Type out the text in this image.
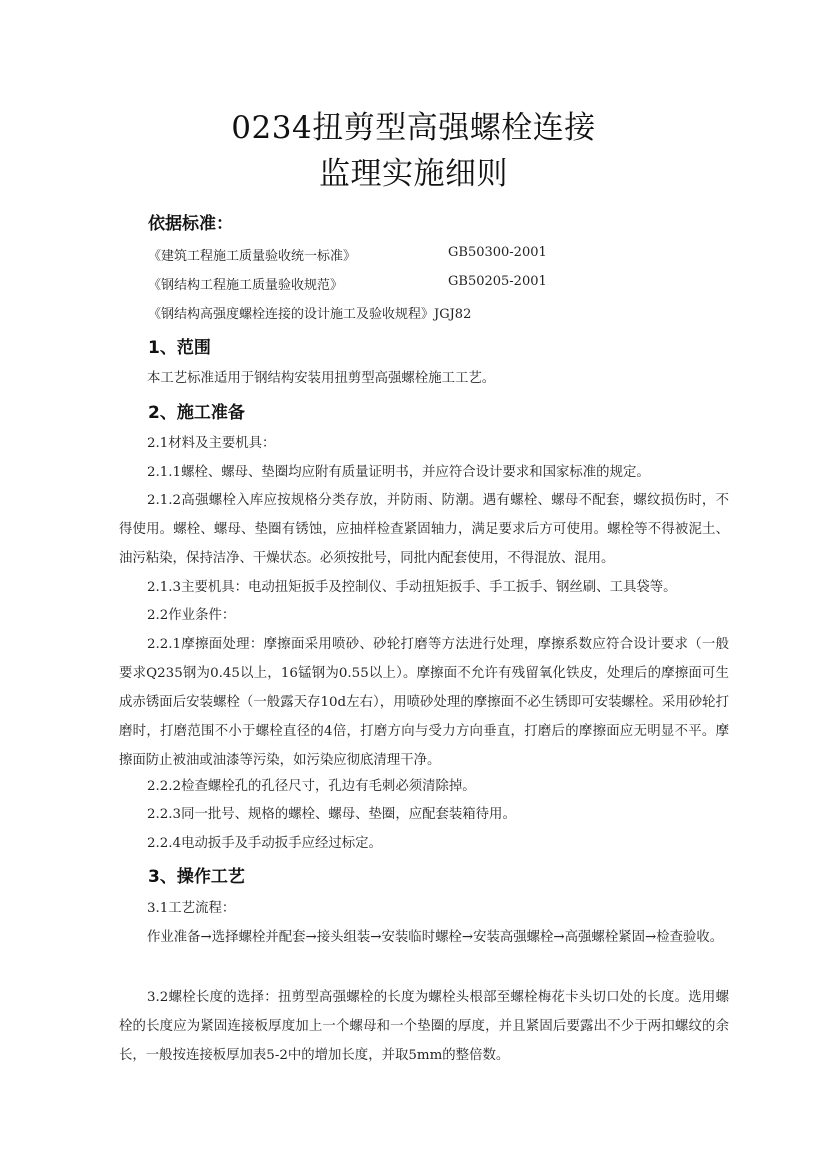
0234扭剪型高强螺栓连接
监理实施细则
依据标准：
《建筑工程施工质量验收统一标准》	GB50300-2001
《钢结构工程施工质量验收规范》	GB50205-2001
《钢结构高强度螺栓连接的设计施工及验收规程》JGJ82
1、范围
本工艺标准适用于钢结构安装用扭剪型高强螺栓施工工艺。
2、施工准备
2.1材料及主要机具：
2.1.1螺栓、螺母、垫圈均应附有质量证明书，并应符合设计要求和国家标准的规定。
2.1.2高强螺栓入库应按规格分类存放，并防雨、防潮。遇有螺栓、螺母不配套，螺纹损伤时，不得使用。螺栓、螺母、垫圈有锈蚀，应抽样检查紧固轴力，满足要求后方可使用。螺栓等不得被泥土、油污粘染，保持洁净、干燥状态。必须按批号，同批内配套使用，不得混放、混用。
2.1.3主要机具：电动扭矩扳手及控制仪、手动扭矩扳手、手工扳手、钢丝刷、工具袋等。
2.2作业条件：
2.2.1摩擦面处理：摩擦面采用喷砂、砂轮打磨等方法进行处理，摩擦系数应符合设计要求（一般要求Q235钢为0.45以上，16锰钢为0.55以上）。摩擦面不允许有残留氧化铁皮，处理后的摩擦面可生成赤锈面后安装螺栓（一般露天存10d左右），用喷砂处理的摩擦面不必生锈即可安装螺栓。采用砂轮打磨时，打磨范围不小于螺栓直径的4倍，打磨方向与受力方向垂直，打磨后的摩擦面应无明显不平。摩擦面防止被油或油漆等污染，如污染应彻底清理干净。
2.2.2检查螺栓孔的孔径尺寸，孔边有毛刺必须清除掉。
2.2.3同一批号、规格的螺栓、螺母、垫圈，应配套装箱待用。
2.2.4电动扳手及手动扳手应经过标定。
3、操作工艺
3.1工艺流程：
作业准备→选择螺栓并配套→接头组装→安装临时螺栓→安装高强螺栓→高强螺栓紧固→检查验收。
3.2螺栓长度的选择：扭剪型高强螺栓的长度为螺栓头根部至螺栓梅花卡头切口处的长度。选用螺栓的长度应为紧固连接板厚度加上一个螺母和一个垫圈的厚度，并且紧固后要露出不少于两扣螺纹的余长，一般按连接板厚加表5-2中的增加长度，并取5mm的整倍数。
